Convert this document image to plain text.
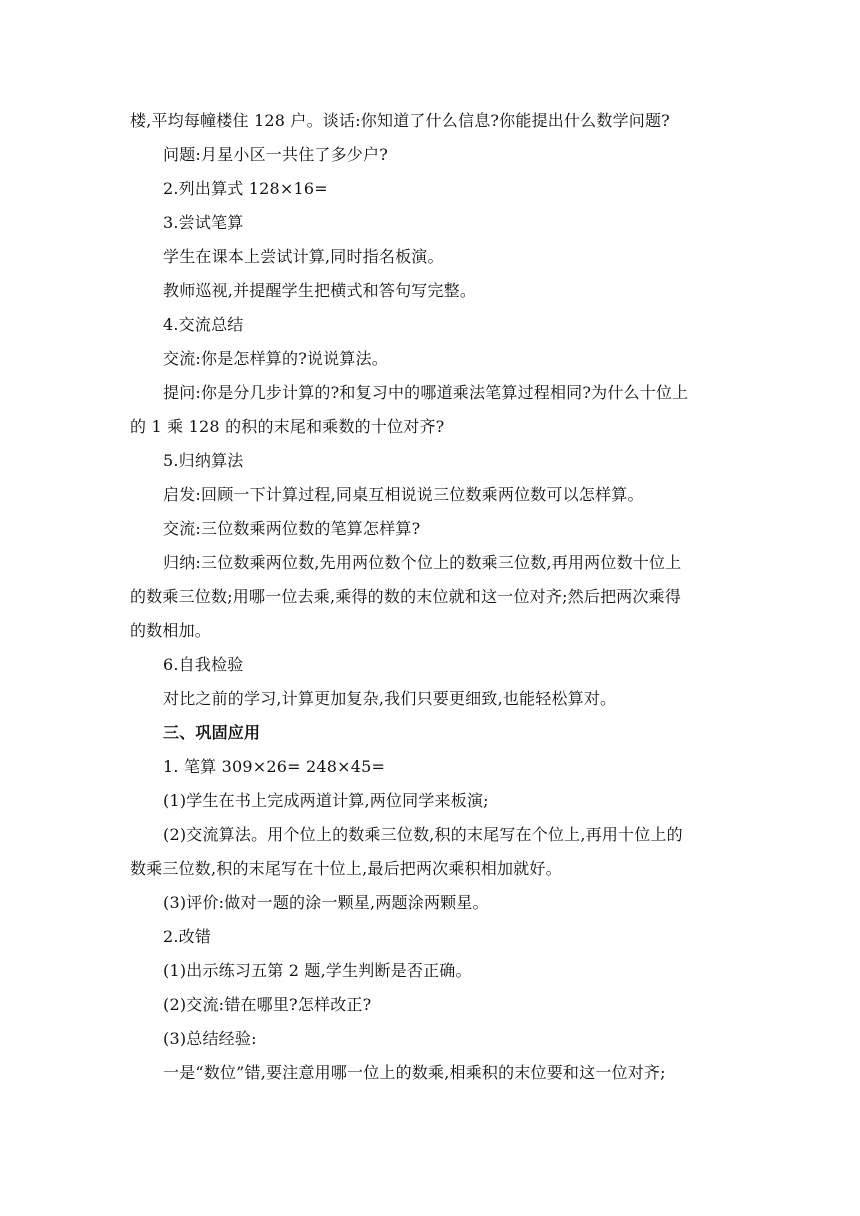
楼,平均每幢楼住 128 户。谈话:你知道了什么信息?你能提出什么数学问题?
问题:月星小区一共住了多少户?
2.列出算式 128×16=
3.尝试笔算
学生在课本上尝试计算,同时指名板演。
教师巡视,并提醒学生把横式和答句写完整。
4.交流总结
交流:你是怎样算的?说说算法。
提问:你是分几步计算的?和复习中的哪道乘法笔算过程相同?为什么十位上
的 1 乘 128 的积的末尾和乘数的十位对齐?
5.归纳算法
启发:回顾一下计算过程,同桌互相说说三位数乘两位数可以怎样算。
交流:三位数乘两位数的笔算怎样算?
归纳:三位数乘两位数,先用两位数个位上的数乘三位数,再用两位数十位上
的数乘三位数;用哪一位去乘,乘得的数的末位就和这一位对齐;然后把两次乘得
的数相加。
6.自我检验
对比之前的学习,计算更加复杂,我们只要更细致,也能轻松算对。
三、巩固应用
1. 笔算 309×26= 248×45=
(1)学生在书上完成两道计算,两位同学来板演;
(2)交流算法。用个位上的数乘三位数,积的末尾写在个位上,再用十位上的
数乘三位数,积的末尾写在十位上,最后把两次乘积相加就好。
(3)评价:做对一题的涂一颗星,两题涂两颗星。
2.改错
(1)出示练习五第 2 题,学生判断是否正确。
(2)交流:错在哪里?怎样改正?
(3)总结经验:
一是“数位”错,要注意用哪一位上的数乘,相乘积的末位要和这一位对齐;
